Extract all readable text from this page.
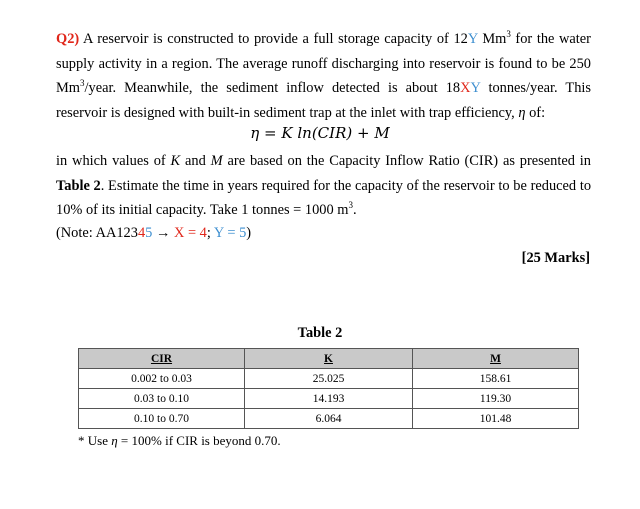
Q2) A reservoir is constructed to provide a full storage capacity of 12Y Mm$^3$ for the water supply activity in a region. The average runoff discharging into reservoir is found to be 250 Mm$^3$/year. Meanwhile, the sediment inflow detected is about 18XY tonnes/year. This reservoir is designed with built-in sediment trap at the inlet with trap efficiency, η of:
η = K ln(CIR) + M
in which values of K and M are based on the Capacity Inflow Ratio (CIR) as presented in Table 2. Estimate the time in years required for the capacity of the reservoir to be reduced to 10% of its initial capacity. Take 1 tonnes = 1000 $m^3$.
(Note: AA12345 → X = 4; Y = 5)
[25 Marks]
Table 2
CIR	K	M
0.002 to 0.03	25.025	158.61
0.03 to 0.10	14.193	119.30
0.10 to 0.70	6.064	101.48
* Use η = 100% if CIR is beyond 0.70.
